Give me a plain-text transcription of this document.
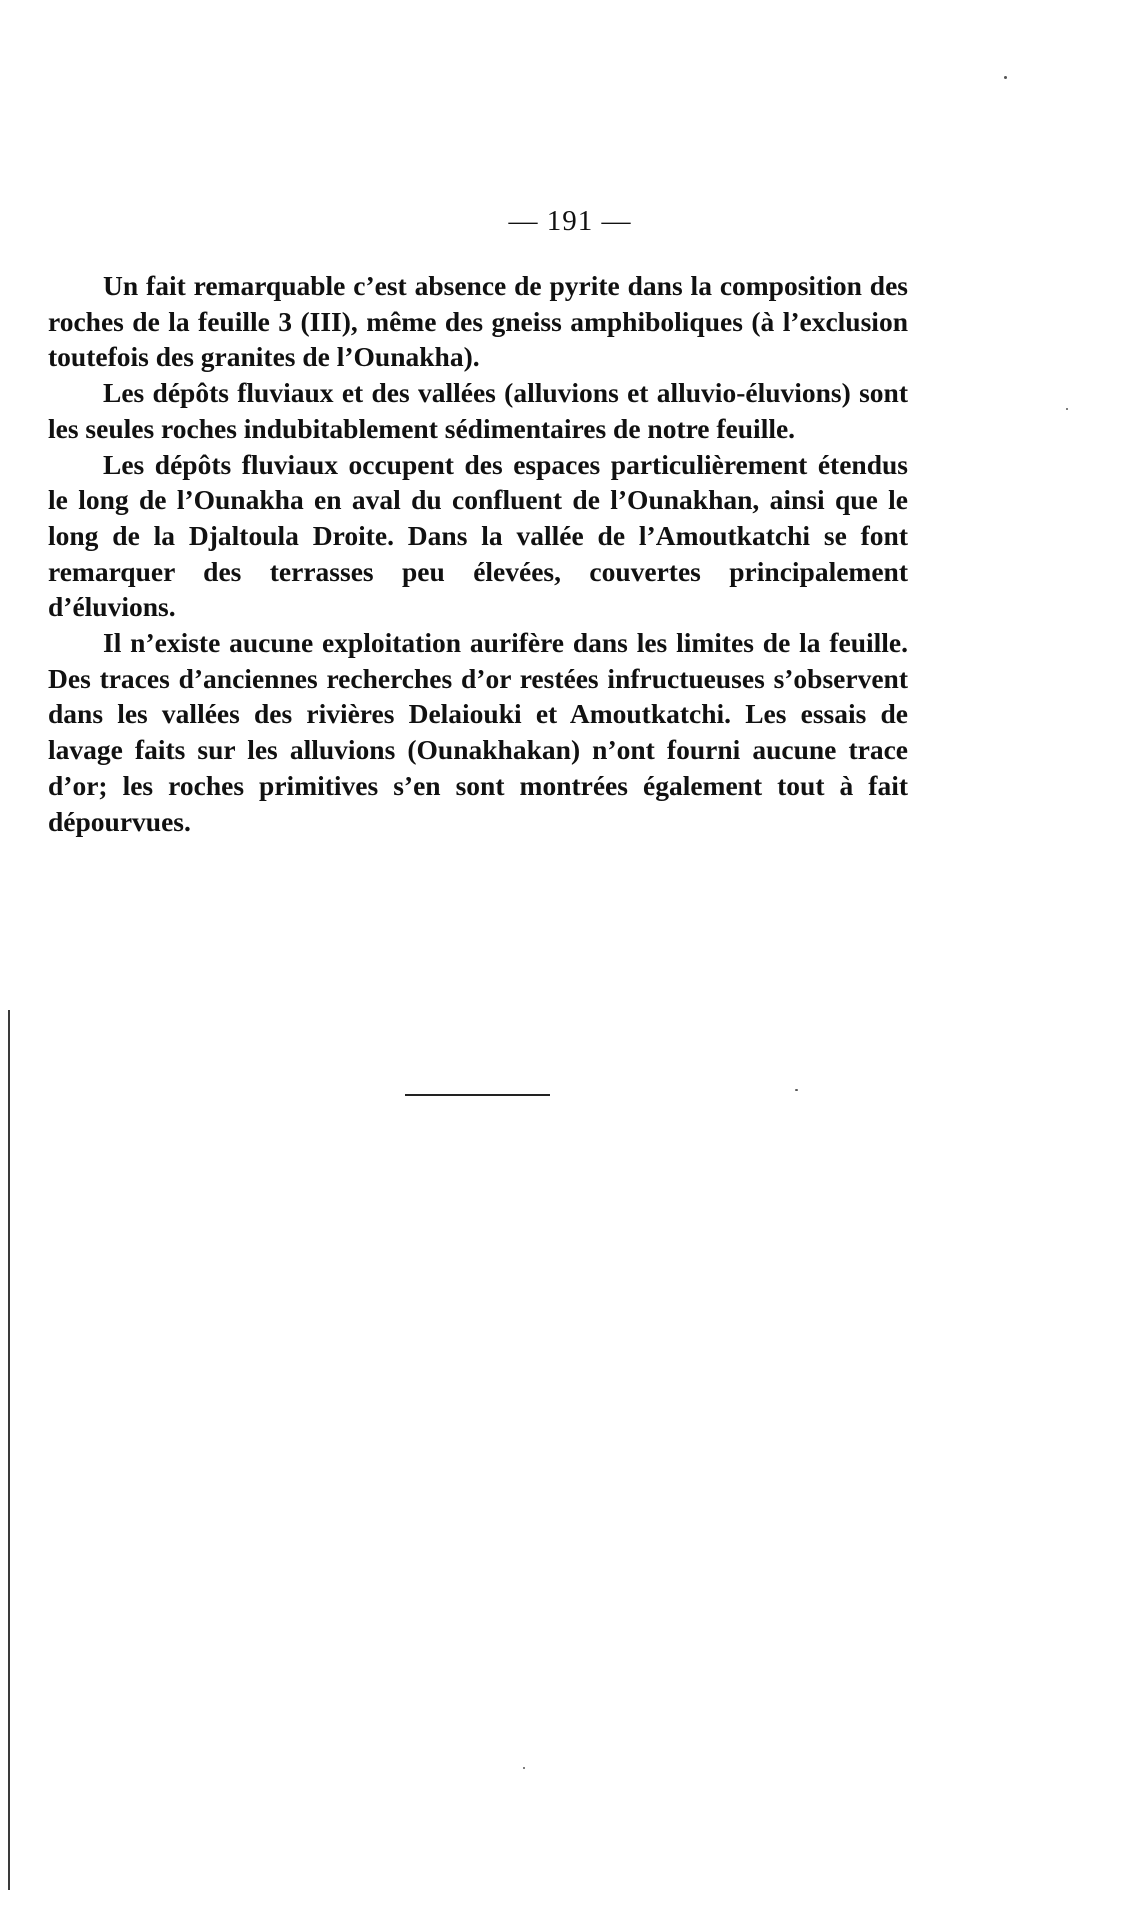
— 191 —

Un fait remarquable c’est absence de pyrite dans la composition des roches de la feuille 3 (III), même des gneiss amphiboliques (à l’exclusion toutefois des granites de l’Ounakha).

Les dépôts fluviaux et des vallées (alluvions et alluvio-éluvions) sont les seules roches indubitablement sédimentaires de notre feuille.

Les dépôts fluviaux occupent des espaces particulièrement étendus le long de l’Ounakha en aval du confluent de l’Ounakhan, ainsi que le long de la Djaltoula Droite. Dans la vallée de l’Amoutkatchi se font remarquer des terrasses peu élevées, couvertes principalement d’éluvions.

Il n’existe aucune exploitation aurifère dans les limites de la feuille. Des traces d’anciennes recherches d’or restées infructueuses s’observent dans les vallées des rivières Delaiouki et Amoutkatchi. Les essais de lavage faits sur les alluvions (Ounakhakan) n’ont fourni aucune trace d’or; les roches primitives s’en sont montrées également tout à fait dépourvues.
